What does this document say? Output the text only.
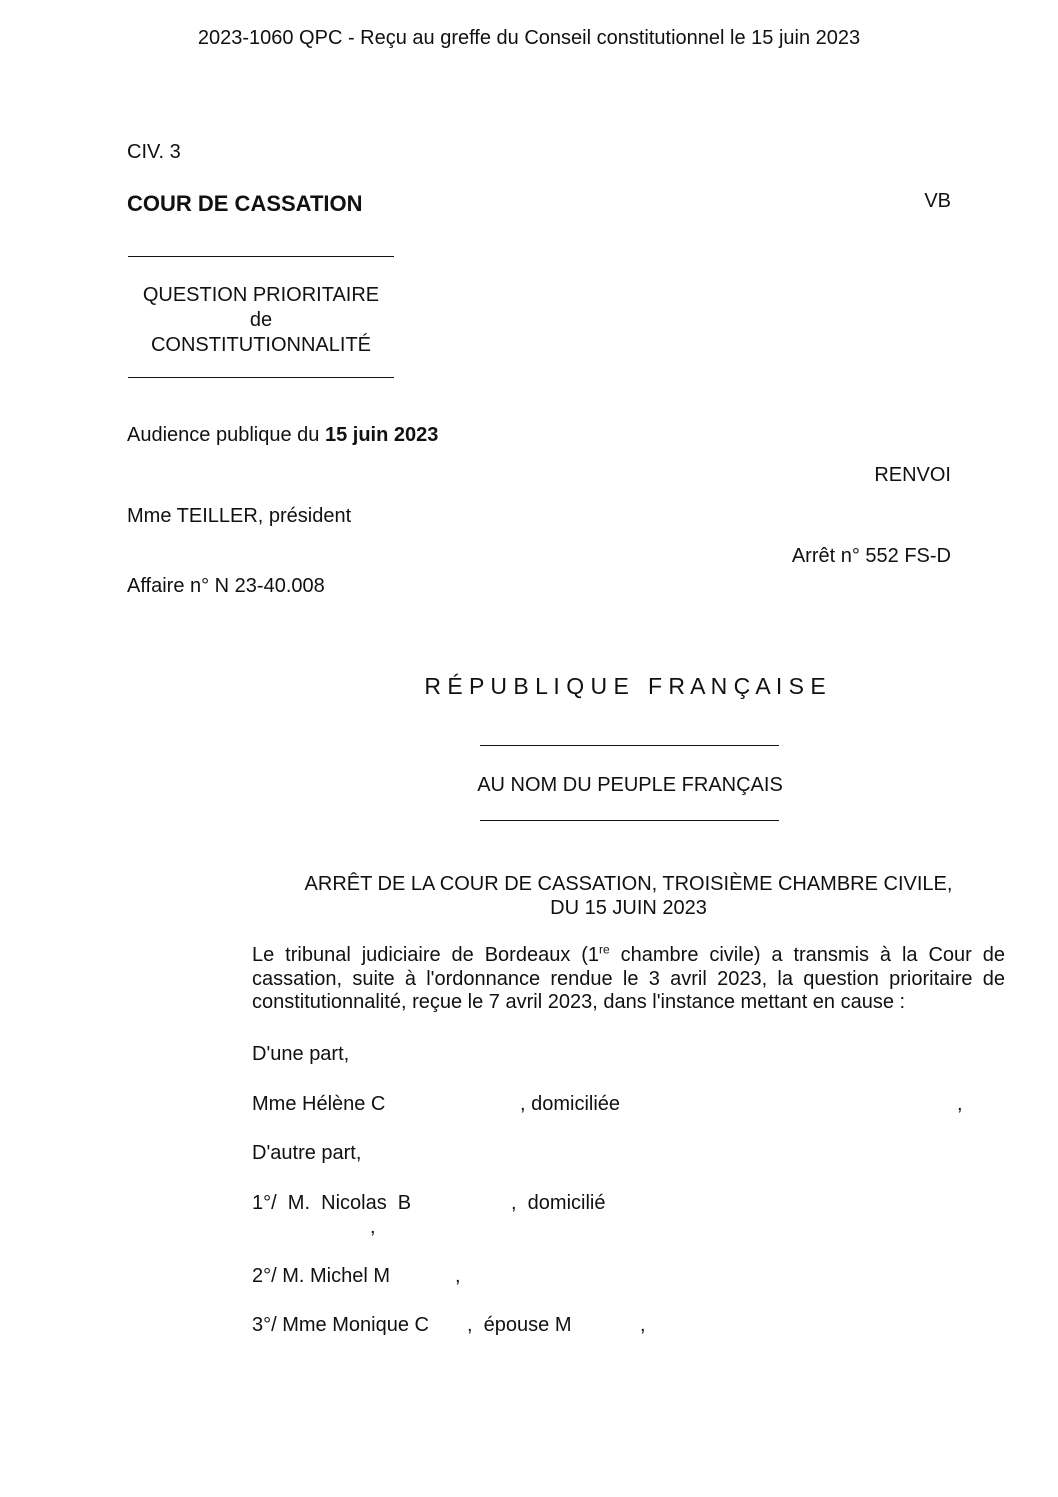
2023-1060 QPC - Reçu au greffe du Conseil constitutionnel le 15 juin 2023
CIV. 3
COUR DE CASSATION
QUESTION PRIORITAIRE
de
CONSTITUTIONNALITÉ
Audience publique du 15 juin 2023
Mme TEILLER, président
Affaire n° N 23-40.008
VB
RENVOI
Arrêt n° 552 FS-D
R É P U B L I Q U E   F R A N Ç A I S E
AU NOM DU PEUPLE FRANÇAIS
ARRÊT DE LA COUR DE CASSATION, TROISIÈME CHAMBRE CIVILE,
DU 15 JUIN 2023
Le tribunal judiciaire de Bordeaux (1re chambre civile) a transmis à la Cour de
cassation, suite à l'ordonnance rendue le 3 avril 2023, la question prioritaire de
constitutionnalité, reçue le 7 avril 2023, dans l'instance mettant en cause :
D'une part,
Mme Hélène C	, domiciliée	,
D'autre part,
1°/  M.  Nicolas  B	,  domicilié
,
2°/ M. Michel M	,
3°/ Mme Monique C ,  épouse M	,
